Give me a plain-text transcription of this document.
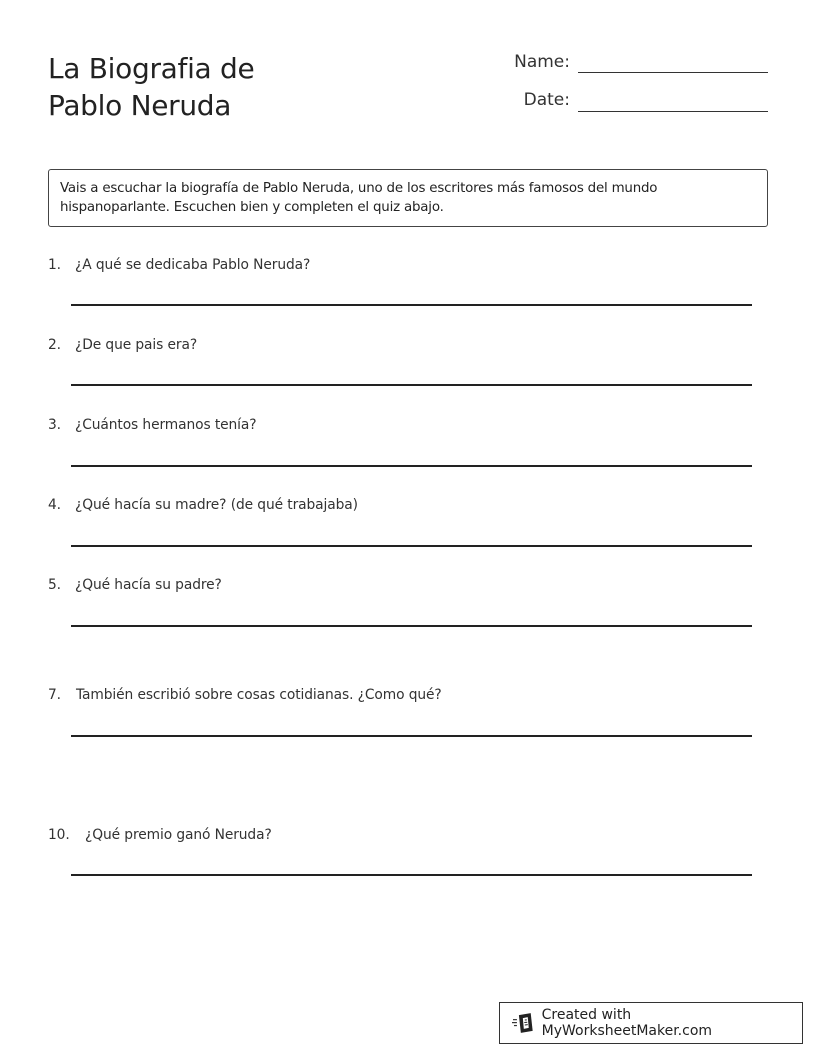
La Biografia de
Pablo Neruda
Name:
Date:
Vais a escuchar la biografía de Pablo Neruda, uno de los escritores más famosos del mundo hispanoparlante. Escuchen bien y completen el quiz abajo.
1.	¿A qué se dedicaba Pablo Neruda?
2.	¿De que pais era?
3.	¿Cuántos hermanos tenía?
4.	¿Qué hacía su madre? (de qué trabajaba)
5.	¿Qué hacía su padre?
7.	También escribió sobre cosas cotidianas. ¿Como qué?
10.	¿Qué premio ganó Neruda?
Created with MyWorksheetMaker.com
